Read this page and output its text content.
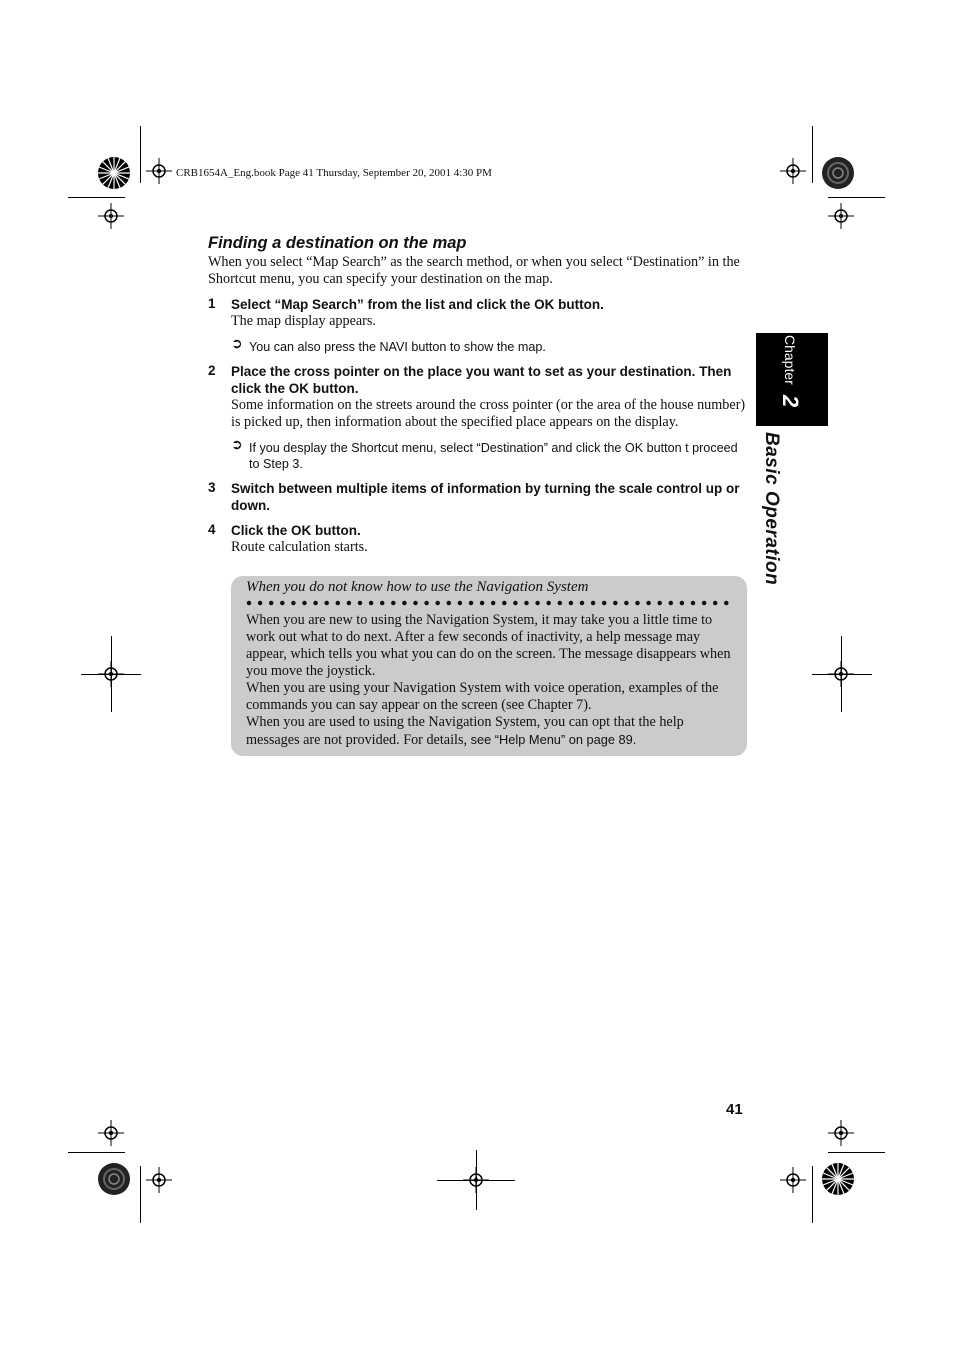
CRB1654A_Eng.book Page 41 Thursday, September 20, 2001 4:30 PM
Finding a destination on the map
When you select “Map Search” as the search method, or when you select “Destination” in the Shortcut menu, you can specify your destination on the map.
1 Select “Map Search” from the list and click the OK button.
The map display appears.
➲ You can also press the NAVI button to show the map.
2 Place the cross pointer on the place you want to set as your destination. Then click the OK button.
Some information on the streets around the cross pointer (or the area of the house number) is picked up, then information about the specified place appears on the display.
➲ If you desplay the Shortcut menu, select “Destination” and click the OK button t proceed to Step 3.
3 Switch between multiple items of information by turning the scale control up or down.
4 Click the OK button.
Route calculation starts.
When you do not know how to use the Navigation System
When you are new to using the Navigation System, it may take you a little time to work out what to do next. After a few seconds of inactivity, a help message may appear, which tells you what you can do on the screen. The message disappears when you move the joystick.
When you are using your Navigation System with voice operation, examples of the commands you can say appear on the screen (see Chapter 7).
When you are used to using the Navigation System, you can opt that the help messages are not provided. For details, see “Help Menu” on page 89.
Chapter 2
Basic Operation
41
